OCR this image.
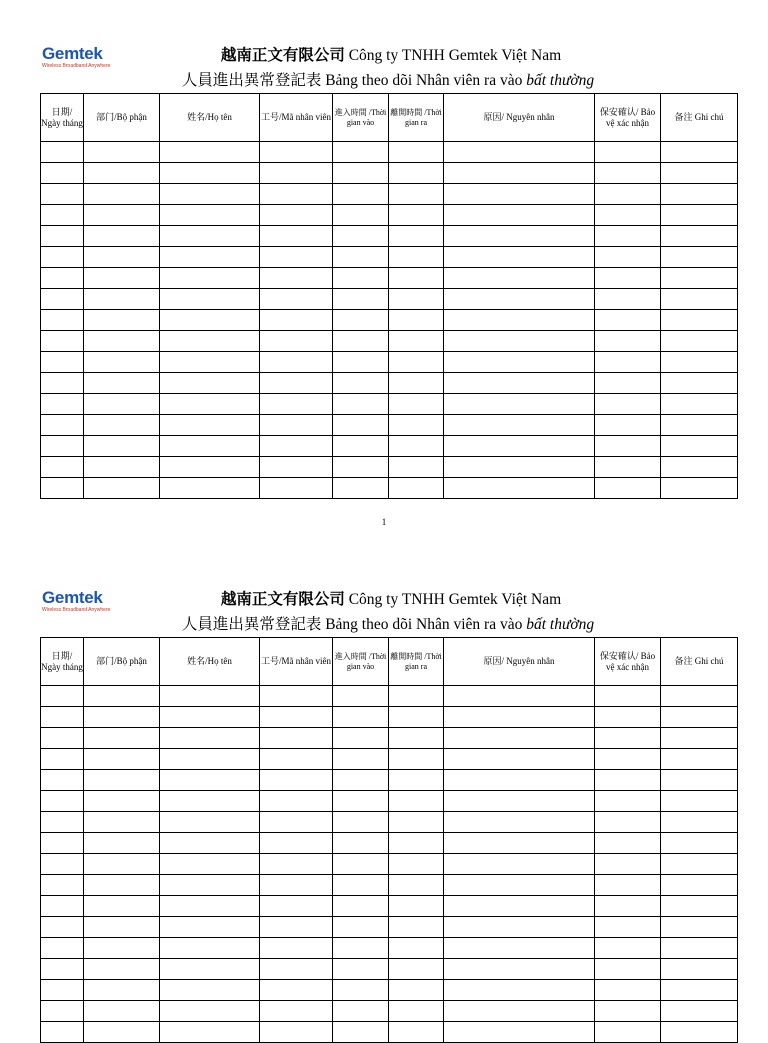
Gemtek
Wireless Broadband Anywhere
越南正文有限公司 Công ty TNHH Gemtek Việt Nam
人員進出異常登記表 Bảng theo dõi Nhân viên ra vào bất thường
日期/ Ngày tháng	部门/Bộ phận	姓名/Họ tên	工号/Mã nhân viên	進入時間 /Thời gian vào	離開時間 /Thời gian ra	原因/ Nguyên nhân	保安確认/ Bảo vệ xác nhận	备注 Ghi chú

1
Gemtek
Wireless Broadband Anywhere
越南正文有限公司 Công ty TNHH Gemtek Việt Nam
人員進出異常登記表 Bảng theo dõi Nhân viên ra vào bất thường
日期/ Ngày tháng	部门/Bộ phận	姓名/Họ tên	工号/Mã nhân viên	進入時間 /Thời gian vào	離開時間 /Thời gian ra	原因/ Nguyên nhân	保安確认/ Bảo vệ xác nhận	备注 Ghi chú
